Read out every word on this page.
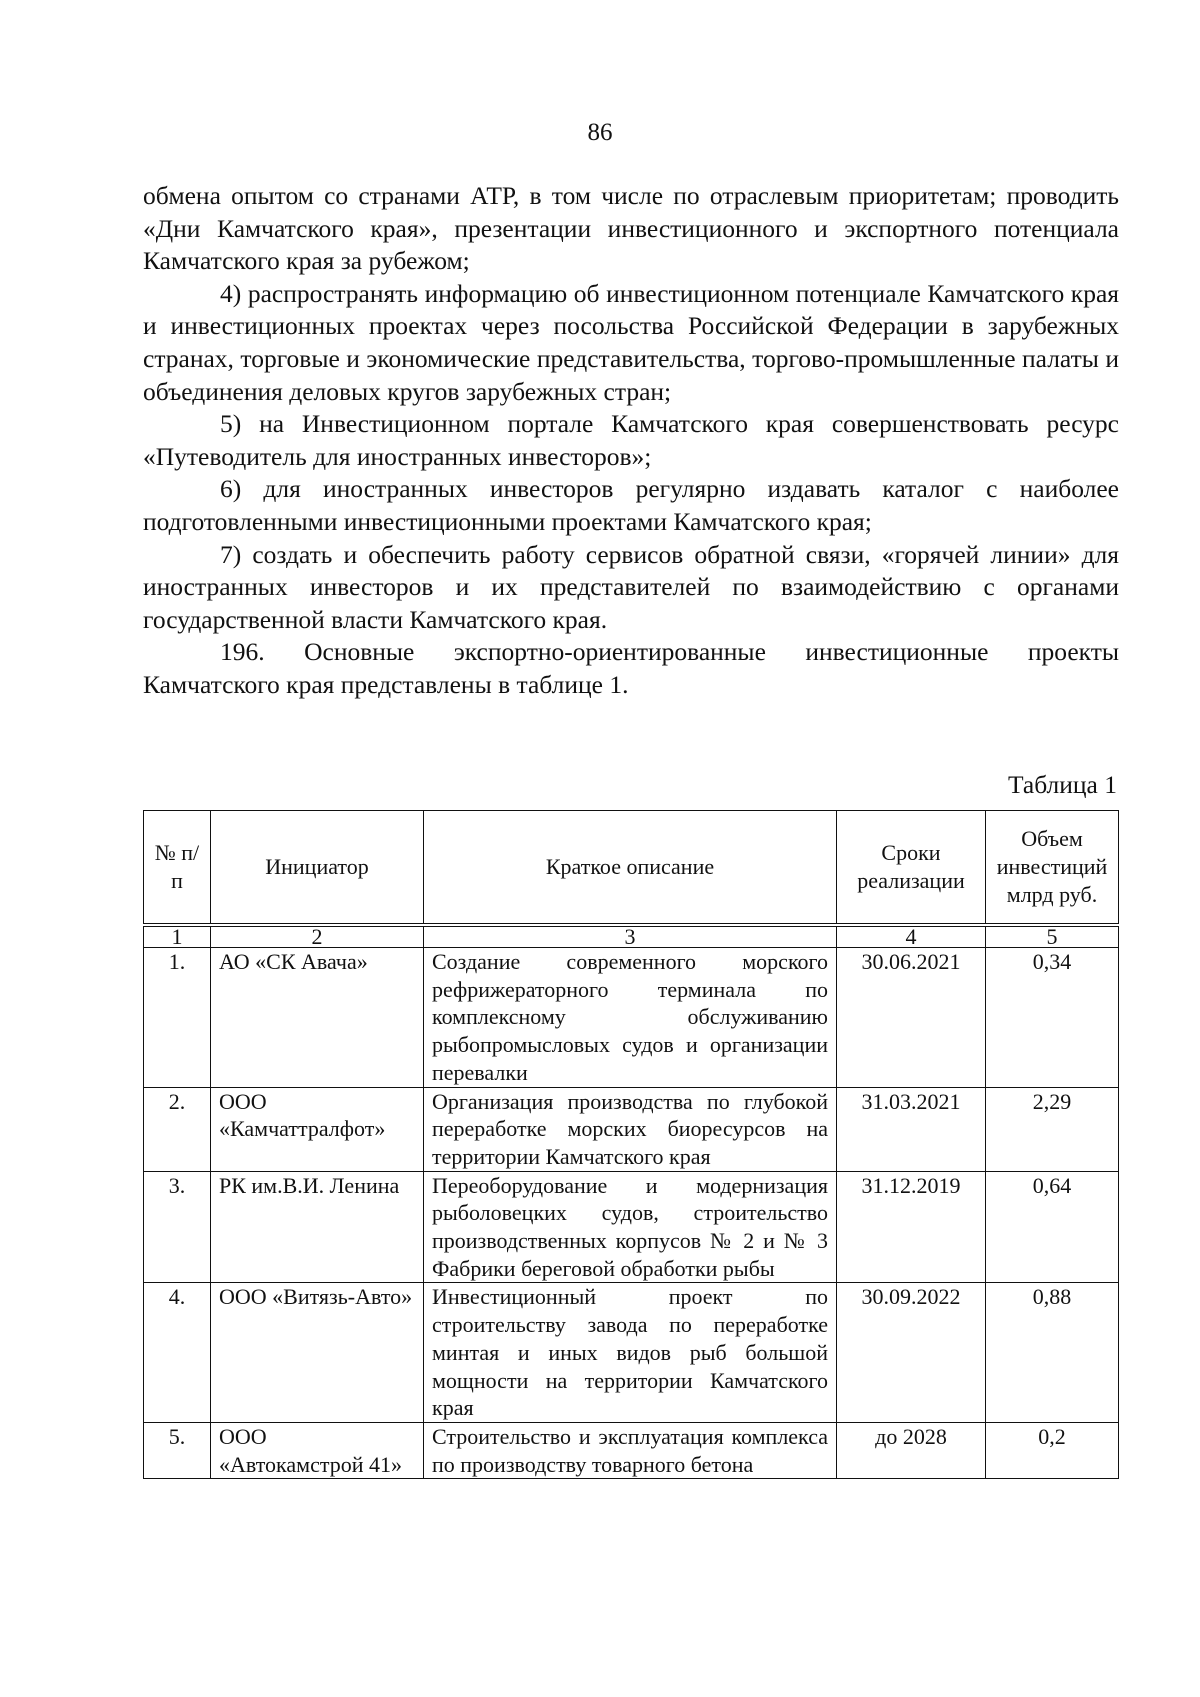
86

обмена опытом со странами АТР, в том числе по отраслевым приоритетам; проводить «Дни Камчатского края», презентации инвестиционного и экспортного потенциала Камчатского края за рубежом;

4) распространять информацию об инвестиционном потенциале Камчатского края и инвестиционных проектах через посольства Российской Федерации в зарубежных странах, торговые и экономические представительства, торгово-промышленные палаты и объединения деловых кругов зарубежных стран;

5) на Инвестиционном портале Камчатского края совершенствовать ресурс «Путеводитель для иностранных инвесторов»;

6) для иностранных инвесторов регулярно издавать каталог с наиболее подготовленными инвестиционными проектами Камчатского края;

7) создать и обеспечить работу сервисов обратной связи, «горячей линии» для иностранных инвесторов и их представителей по взаимодействию с органами государственной власти Камчатского края.

196. Основные экспортно-ориентированные инвестиционные проекты Камчатского края представлены в таблице 1.

Таблица 1
№ п/п	Инициатор	Краткое описание	Сроки реализации	Объем инвестиций млрд руб.

1	2	3	4	5
1.	АО «СК Авача»	Создание современного морского рефрижераторного терминала по комплексному обслуживанию рыбопромысловых судов и организации перевалки	30.06.2021	0,34
2.	ООО «Камчаттралфот»	Организация производства по глубокой переработке морских биоресурсов на территории Камчатского края	31.03.2021	2,29
3.	РК им.В.И. Ленина	Переоборудование и модернизация рыболовецких судов, строительство производственных корпусов № 2 и № 3 Фабрики береговой обработки рыбы	31.12.2019	0,64
4.	ООО «Витязь-Авто»	Инвестиционный проект по строительству завода по переработке минтая и иных видов рыб большой мощности на территории Камчатского края	30.09.2022	0,88
5.	ООО «Автокамстрой 41»	Строительство и эксплуатация комплекса по производству товарного бетона	до 2028	0,2
